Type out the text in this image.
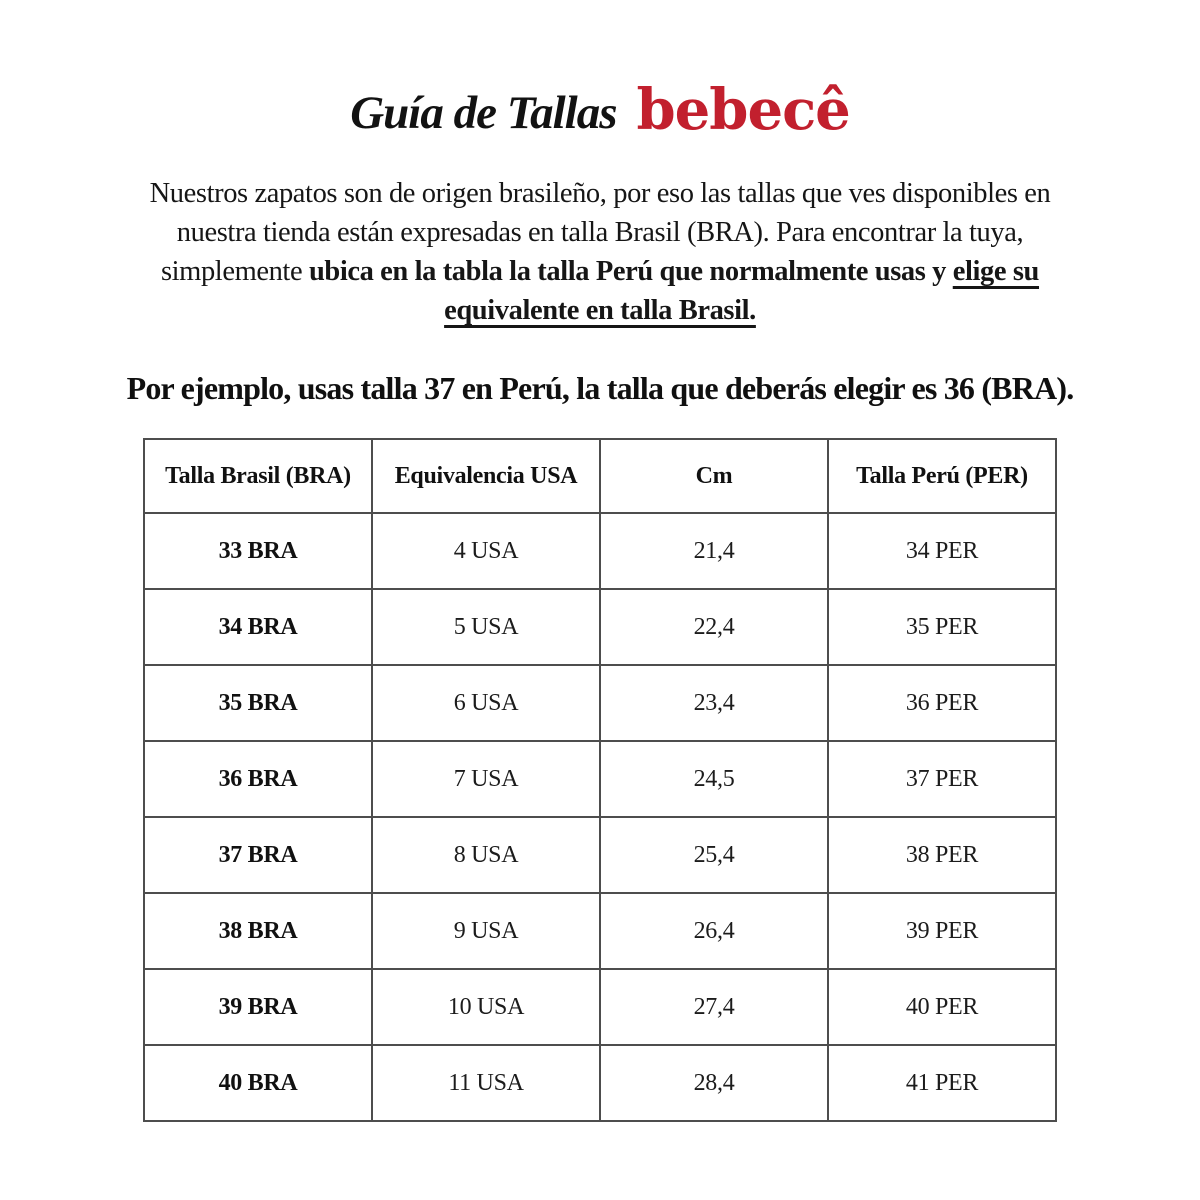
Guía de Tallas bebecê

Nuestros zapatos son de origen brasileño, por eso las tallas que ves disponibles en
nuestra tienda están expresadas en talla Brasil (BRA). Para encontrar la tuya,
simplemente ubica en la tabla la talla Perú que normalmente usas y elige su
equivalente en talla Brasil.

Por ejemplo, usas talla 37 en Perú, la talla que deberás elegir es 36 (BRA).

Talla Brasil (BRA)	Equivalencia USA	Cm	Talla Perú (PER)
33 BRA	4 USA	21,4	34 PER
34 BRA	5 USA	22,4	35 PER
35 BRA	6 USA	23,4	36 PER
36 BRA	7 USA	24,5	37 PER
37 BRA	8 USA	25,4	38 PER
38 BRA	9 USA	26,4	39 PER
39 BRA	10 USA	27,4	40 PER
40 BRA	11 USA	28,4	41 PER
